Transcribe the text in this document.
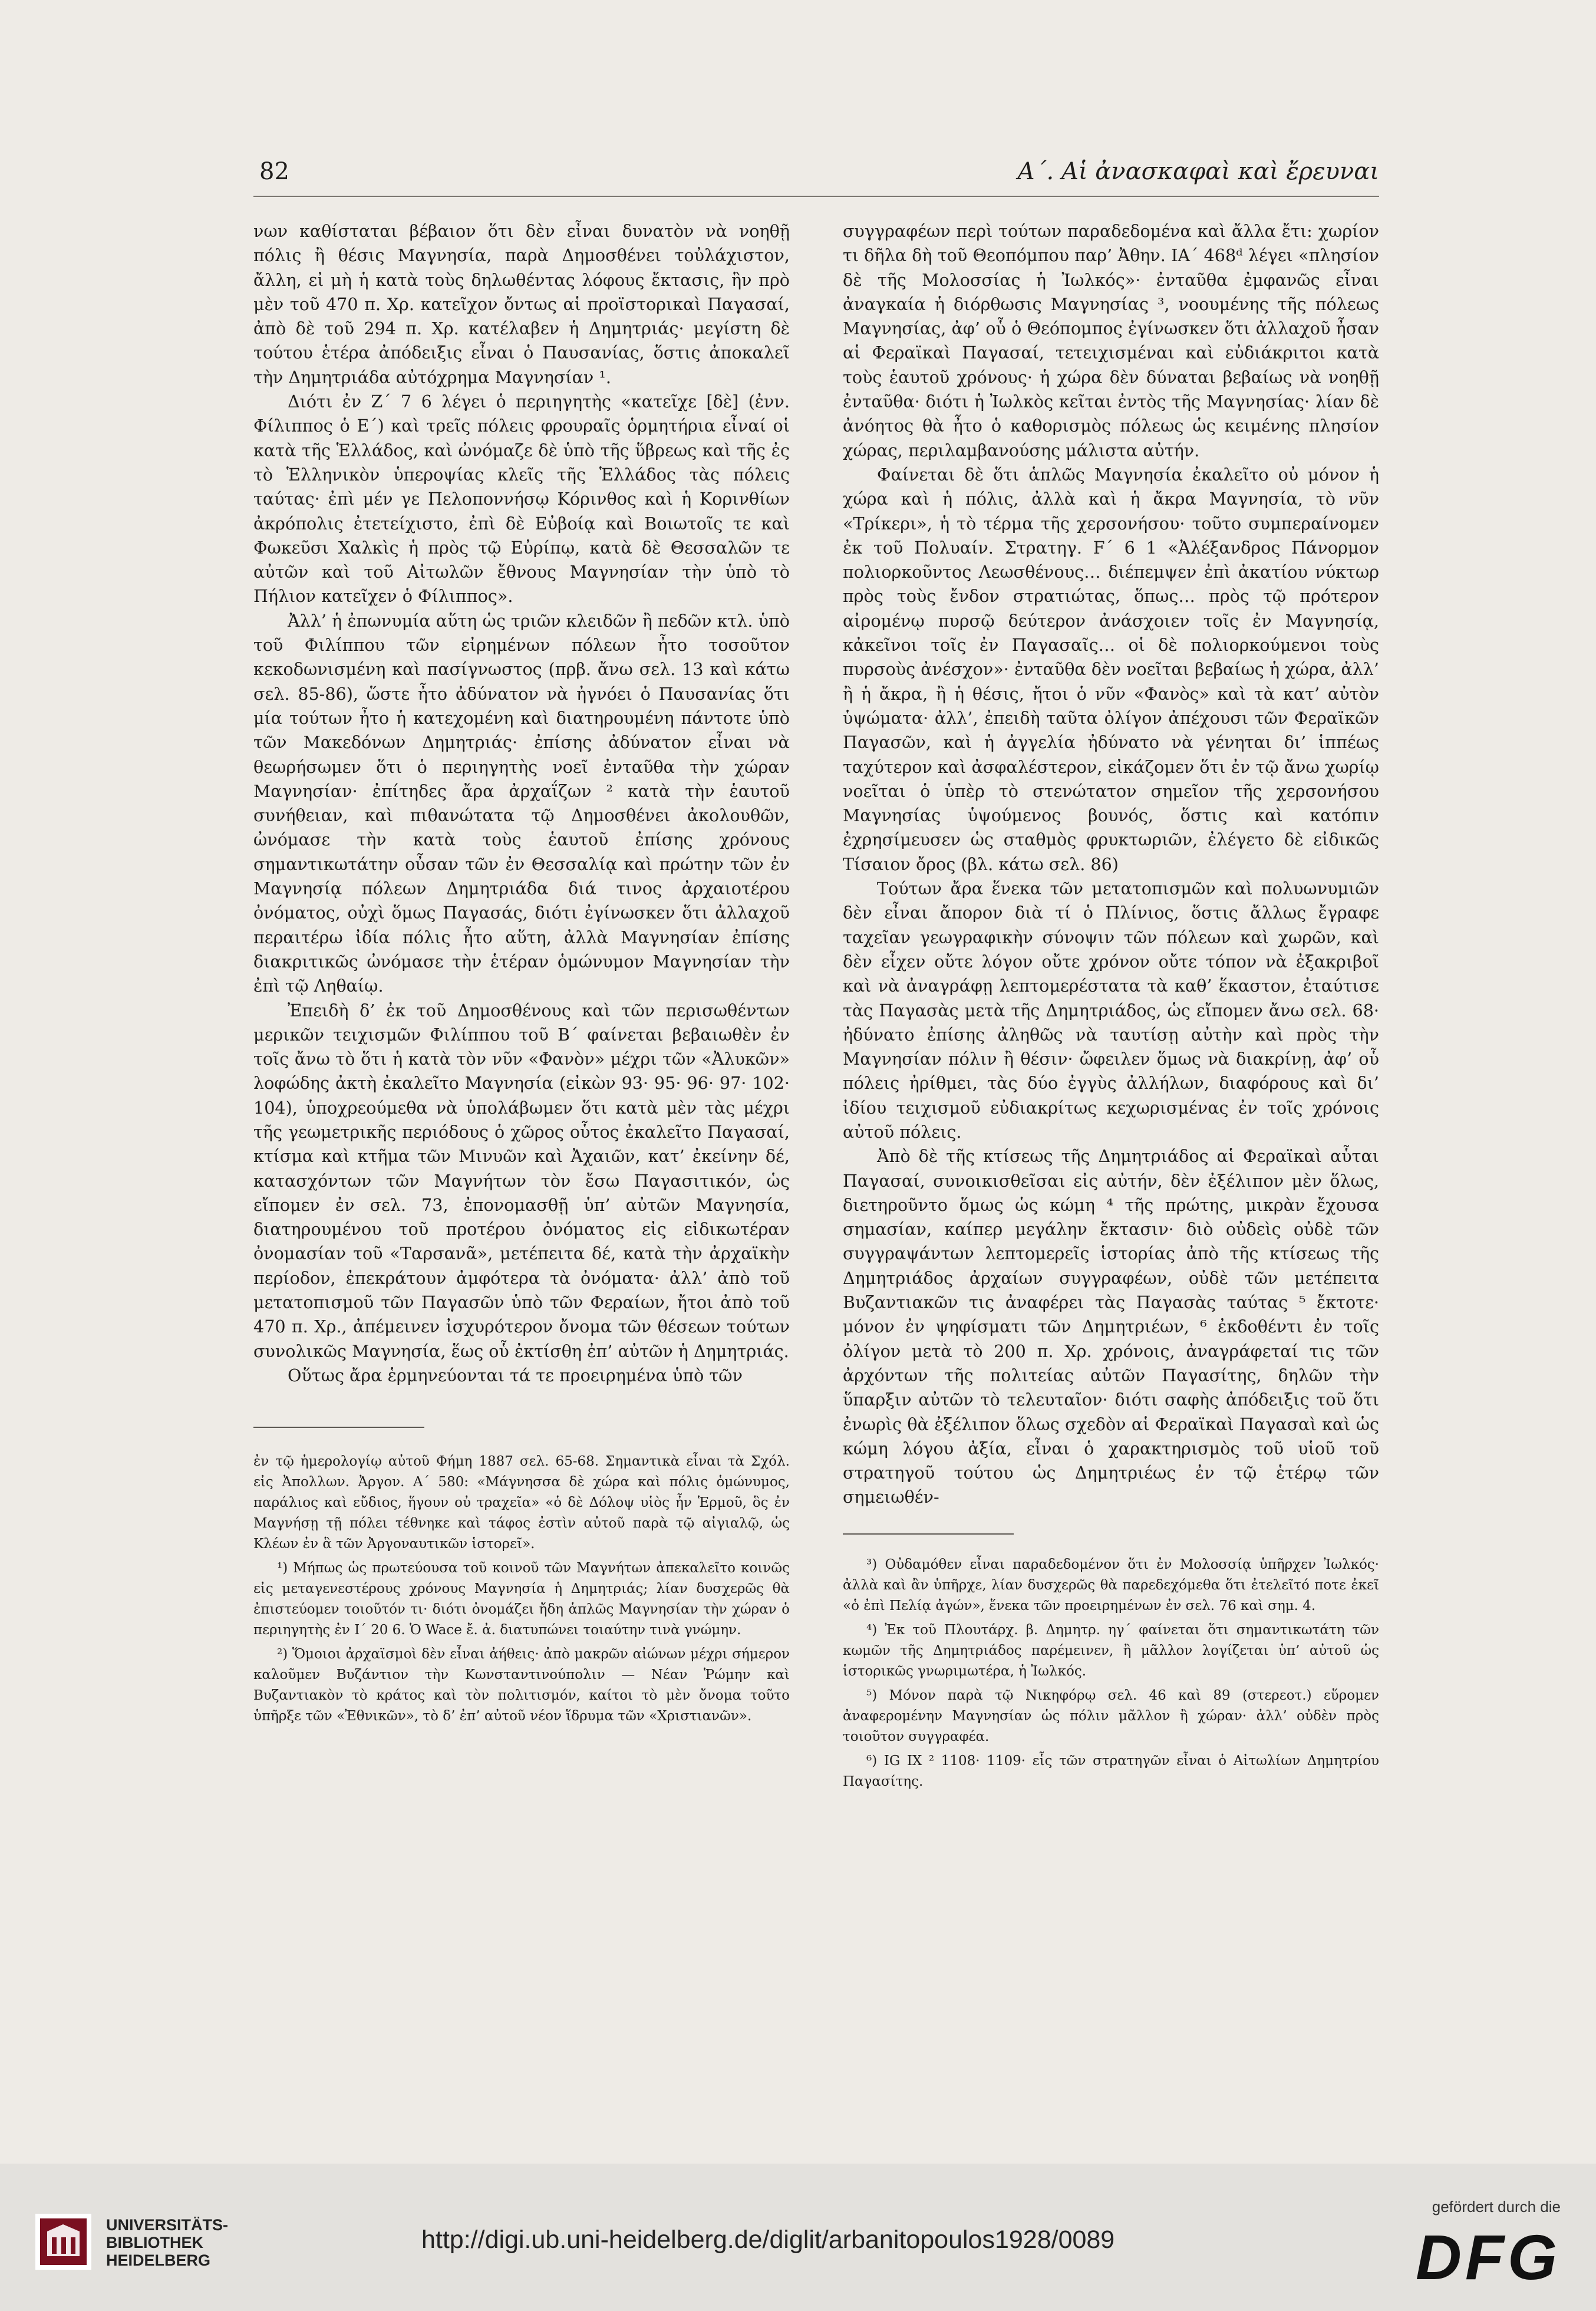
82	Α΄. Αἱ ἀνασκαφαὶ καὶ ἔρευναι

νων καθίσταται βέβαιον ὅτι δὲν εἶναι δυνατὸν νὰ νοηθῇ πόλις ἢ θέσις Μαγνησία, παρὰ Δημοσθένει τοὐλάχιστον, ἄλλη, εἰ μὴ ἡ κατὰ τοὺς δηλωθέντας λόφους ἔκτασις, ἣν πρὸ μὲν τοῦ 470 π. Χρ. κατεῖχον ὄντως αἱ προϊστορικαὶ Παγασαί, ἀπὸ δὲ τοῦ 294 π. Χρ. κατέλαβεν ἡ Δημητριάς· μεγίστη δὲ τούτου ἑτέρα ἀπόδειξις εἶναι ὁ Παυσανίας, ὅστις ἀποκαλεῖ τὴν Δημητριάδα αὐτόχρημα Μαγνησίαν ¹.

Διότι ἐν Ζ΄ 7 6 λέγει ὁ περιηγητὴς «κατεῖχε [δὲ] (ἐνν. Φίλιππος ὁ Ε΄) καὶ τρεῖς πόλεις φρουραῖς ὁρμητήρια εἶναί οἱ κατὰ τῆς Ἑλλάδος, καὶ ὠνόμαζε δὲ ὑπὸ τῆς ὕβρεως καὶ τῆς ἐς τὸ Ἑλληνικὸν ὑπεροψίας κλεῖς τῆς Ἑλλάδος τὰς πόλεις ταύτας· ἐπὶ μέν γε Πελοποννήσῳ Κόρινθος καὶ ἡ Κορινθίων ἀκρόπολις ἐτετείχιστο, ἐπὶ δὲ Εὐβοίᾳ καὶ Βοιωτοῖς τε καὶ Φωκεῦσι Χαλκὶς ἡ πρὸς τῷ Εὐρίπῳ, κατὰ δὲ Θεσσαλῶν τε αὐτῶν καὶ τοῦ Αἰτωλῶν ἔθνους Μαγνησίαν τὴν ὑπὸ τὸ Πήλιον κατεῖχεν ὁ Φίλιππος».

Ἀλλ’ ἡ ἐπωνυμία αὕτη ὡς τριῶν κλειδῶν ἢ πεδῶν κτλ. ὑπὸ τοῦ Φιλίππου τῶν εἰρημένων πόλεων ἦτο τοσοῦτον κεκοδωνισμένη καὶ πασίγνωστος (πρβ. ἄνω σελ. 13 καὶ κάτω σελ. 85-86), ὥστε ἦτο ἀδύνατον νὰ ἠγνόει ὁ Παυσανίας ὅτι μία τούτων ἦτο ἡ κατεχομένη καὶ διατηρουμένη πάντοτε ὑπὸ τῶν Μακεδόνων Δημητριάς· ἐπίσης ἀδύνατον εἶναι νὰ θεωρήσωμεν ὅτι ὁ περιηγητὴς νοεῖ ἐνταῦθα τὴν χώραν Μαγνησίαν· ἐπίτηδες ἄρα ἀρχαΐζων ² κατὰ τὴν ἑαυτοῦ συνήθειαν, καὶ πιθανώτατα τῷ Δημοσθένει ἀκολουθῶν, ὠνόμασε τὴν κατὰ τοὺς ἑαυτοῦ ἐπίσης χρόνους σημαντικωτάτην οὖσαν τῶν ἐν Θεσσαλίᾳ καὶ πρώτην τῶν ἐν Μαγνησίᾳ πόλεων Δημητριάδα διά τινος ἀρχαιοτέρου ὀνόματος, οὐχὶ ὅμως Παγασάς, διότι ἐγίνωσκεν ὅτι ἀλλαχοῦ περαιτέρω ἰδία πόλις ἦτο αὕτη, ἀλλὰ Μαγνησίαν ἐπίσης διακριτικῶς ὠνόμασε τὴν ἑτέραν ὁμώνυμον Μαγνησίαν τὴν ἐπὶ τῷ Ληθαίῳ.

Ἐπειδὴ δ’ ἐκ τοῦ Δημοσθένους καὶ τῶν περισωθέντων μερικῶν τειχισμῶν Φιλίππου τοῦ Β΄ φαίνεται βεβαιωθὲν ἐν τοῖς ἄνω τὸ ὅτι ἡ κατὰ τὸν νῦν «Φανὸν» μέχρι τῶν «Ἀλυκῶν» λοφώδης ἀκτὴ ἐκαλεῖτο Μαγνησία (εἰκὼν 93· 95· 96· 97· 102· 104), ὑποχρεούμεθα νὰ ὑπολάβωμεν ὅτι κατὰ μὲν τὰς μέχρι τῆς γεωμετρικῆς περιόδους ὁ χῶρος οὗτος ἐκαλεῖτο Παγασαί, κτίσμα καὶ κτῆμα τῶν Μινυῶν καὶ Ἀχαιῶν, κατ’ ἐκείνην δέ, κατασχόντων τῶν Μαγνήτων τὸν ἔσω Παγασιτικόν, ὡς εἴπομεν ἐν σελ. 73, ἐπονομασθῇ ὑπ’ αὐτῶν Μαγνησία, διατηρουμένου τοῦ προτέρου ὀνόματος εἰς εἰδικωτέραν ὀνομασίαν τοῦ «Ταρσανᾶ», μετέπειτα δέ, κατὰ τὴν ἀρχαϊκὴν περίοδον, ἐπεκράτουν ἀμφότερα τὰ ὀνόματα· ἀλλ’ ἀπὸ τοῦ μετατοπισμοῦ τῶν Παγασῶν ὑπὸ τῶν Φεραίων, ἤτοι ἀπὸ τοῦ 470 π. Χρ., ἀπέμεινεν ἰσχυρότερον ὄνομα τῶν θέσεων τούτων συνολικῶς Μαγνησία, ἕως οὗ ἐκτίσθη ἐπ’ αὐτῶν ἡ Δημητριάς.

Οὕτως ἄρα ἑρμηνεύονται τά τε προειρημένα ὑπὸ τῶν

ἐν τῷ ἡμερολογίῳ αὐτοῦ Φήμη 1887 σελ. 65-68. Σημαντικὰ εἶναι τὰ Σχόλ. εἰς Ἀπολλων. Ἀργον. Α΄ 580: «Μάγνησσα δὲ χώρα καὶ πόλις ὁμώνυμος, παράλιος καὶ εὔδιος, ἥγουν οὐ τραχεῖα» «ὁ δὲ Δόλοψ υἱὸς ἦν Ἑρμοῦ, ὃς ἐν Μαγνήσῃ τῇ πόλει τέθνηκε καὶ τάφος ἐστὶν αὐτοῦ παρὰ τῷ αἰγιαλῷ, ὡς Κλέων ἐν ἃ τῶν Ἀργοναυτικῶν ἱστορεῖ».

¹) Μήπως ὡς πρωτεύουσα τοῦ κοινοῦ τῶν Μαγνήτων ἀπεκαλεῖτο κοινῶς εἰς μεταγενεστέρους χρόνους Μαγνησία ἡ Δημητριάς; λίαν δυσχερῶς θὰ ἐπιστεύομεν τοιοῦτόν τι· διότι ὀνομάζει ἤδη ἁπλῶς Μαγνησίαν τὴν χώραν ὁ περιηγητὴς ἐν Ι΄ 20 6. Ὁ Wace ἔ. ἀ. διατυπώνει τοιαύτην τινὰ γνώμην.

²) Ὅμοιοι ἀρχαϊσμοὶ δὲν εἶναι ἀήθεις· ἀπὸ μακρῶν αἰώνων μέχρι σήμερον καλοῦμεν Βυζάντιον τὴν Κωνσταντινούπολιν — Νέαν Ῥώμην καὶ Βυζαντιακὸν τὸ κράτος καὶ τὸν πολιτισμόν, καίτοι τὸ μὲν ὄνομα τοῦτο ὑπῆρξε τῶν «Ἐθνικῶν», τὸ δ’ ἐπ’ αὐτοῦ νέον ἵδρυμα τῶν «Χριστιανῶν».

συγγραφέων περὶ τούτων παραδεδομένα καὶ ἄλλα ἔτι: χωρίον τι δῆλα δὴ τοῦ Θεοπόμπου παρ’ Ἀθην. ΙΑ΄ 468ᵈ λέγει «πλησίον δὲ τῆς Μολοσσίας ἡ Ἰωλκός»· ἐνταῦθα ἐμφανῶς εἶναι ἀναγκαία ἡ διόρθωσις Μαγνησίας ³, νοουμένης τῆς πόλεως Μαγνησίας, ἀφ’ οὗ ὁ Θεόπομπος ἐγίνωσκεν ὅτι ἀλλαχοῦ ἦσαν αἱ Φεραϊκαὶ Παγασαί, τετειχισμέναι καὶ εὐδιάκριτοι κατὰ τοὺς ἑαυτοῦ χρόνους· ἡ χώρα δὲν δύναται βεβαίως νὰ νοηθῇ ἐνταῦθα· διότι ἡ Ἰωλκὸς κεῖται ἐντὸς τῆς Μαγνησίας· λίαν δὲ ἀνόητος θὰ ἦτο ὁ καθορισμὸς πόλεως ὡς κειμένης πλησίον χώρας, περιλαμβανούσης μάλιστα αὐτήν.

Φαίνεται δὲ ὅτι ἁπλῶς Μαγνησία ἐκαλεῖτο οὐ μόνον ἡ χώρα καὶ ἡ πόλις, ἀλλὰ καὶ ἡ ἄκρα Μαγνησία, τὸ νῦν «Τρίκερι», ἡ τὸ τέρμα τῆς χερσονήσου· τοῦτο συμπεραίνομεν ἐκ τοῦ Πολυαίν. Στρατηγ. F΄ 6 1 «Ἀλέξανδρος Πάνορμον πολιορκοῦντος Λεωσθένους… διέπεμψεν ἐπὶ ἀκατίου νύκτωρ πρὸς τοὺς ἔνδον στρατιώτας, ὅπως… πρὸς τῷ πρότερον αἰρομένῳ πυρσῷ δεύτερον ἀνάσχοιεν τοῖς ἐν Μαγνησίᾳ, κἀκεῖνοι τοῖς ἐν Παγασαῖς… οἱ δὲ πολιορκούμενοι τοὺς πυρσοὺς ἀνέσχον»· ἐνταῦθα δὲν νοεῖται βεβαίως ἡ χώρα, ἀλλ’ ἢ ἡ ἄκρα, ἢ ἡ θέσις, ἤτοι ὁ νῦν «Φανὸς» καὶ τὰ κατ’ αὐτὸν ὑψώματα· ἀλλ’, ἐπειδὴ ταῦτα ὀλίγον ἀπέχουσι τῶν Φεραϊκῶν Παγασῶν, καὶ ἡ ἀγγελία ἠδύνατο νὰ γένηται δι’ ἱππέως ταχύτερον καὶ ἀσφαλέστερον, εἰκάζομεν ὅτι ἐν τῷ ἄνω χωρίῳ νοεῖται ὁ ὑπὲρ τὸ στενώτατον σημεῖον τῆς χερσονήσου Μαγνησίας ὑψούμενος βουνός, ὅστις καὶ κατόπιν ἐχρησίμευσεν ὡς σταθμὸς φρυκτωριῶν, ἐλέγετο δὲ εἰδικῶς Τίσαιον ὄρος (βλ. κάτω σελ. 86)

Τούτων ἄρα ἕνεκα τῶν μετατοπισμῶν καὶ πολυωνυμιῶν δὲν εἶναι ἄπορον διὰ τί ὁ Πλίνιος, ὅστις ἄλλως ἔγραφε ταχεῖαν γεωγραφικὴν σύνοψιν τῶν πόλεων καὶ χωρῶν, καὶ δὲν εἶχεν οὔτε λόγον οὔτε χρόνον οὔτε τόπον νὰ ἐξακριβοῖ καὶ νὰ ἀναγράφῃ λεπτομερέστατα τὰ καθ’ ἕκαστον, ἐταύτισε τὰς Παγασὰς μετὰ τῆς Δημητριάδος, ὡς εἴπομεν ἄνω σελ. 68· ἠδύνατο ἐπίσης ἀληθῶς νὰ ταυτίσῃ αὐτὴν καὶ πρὸς τὴν Μαγνησίαν πόλιν ἢ θέσιν· ὤφειλεν ὅμως νὰ διακρίνῃ, ἀφ’ οὗ πόλεις ἠρίθμει, τὰς δύο ἐγγὺς ἀλλήλων, διαφόρους καὶ δι’ ἰδίου τειχισμοῦ εὐδιακρίτως κεχωρισμένας ἐν τοῖς χρόνοις αὐτοῦ πόλεις.

Ἀπὸ δὲ τῆς κτίσεως τῆς Δημητριάδος αἱ Φεραϊκαὶ αὗται Παγασαί, συνοικισθεῖσαι εἰς αὐτήν, δὲν ἐξέλιπον μὲν ὅλως, διετηροῦντο ὅμως ὡς κώμη ⁴ τῆς πρώτης, μικρὰν ἔχουσα σημασίαν, καίπερ μεγάλην ἔκτασιν· διὸ οὐδεὶς οὐδὲ τῶν συγγραψάντων λεπτομερεῖς ἱστορίας ἀπὸ τῆς κτίσεως τῆς Δημητριάδος ἀρχαίων συγγραφέων, οὐδὲ τῶν μετέπειτα Βυζαντιακῶν τις ἀναφέρει τὰς Παγασὰς ταύτας ⁵ ἔκτοτε· μόνον ἐν ψηφίσματι τῶν Δημητριέων, ⁶ ἐκδοθέντι ἐν τοῖς ὀλίγον μετὰ τὸ 200 π. Χρ. χρόνοις, ἀναγράφεταί τις τῶν ἀρχόντων τῆς πολιτείας αὐτῶν Παγασίτης, δηλῶν τὴν ὕπαρξιν αὐτῶν τὸ τελευταῖον· διότι σαφὴς ἀπόδειξις τοῦ ὅτι ἐνωρὶς θὰ ἐξέλιπον ὅλως σχεδὸν αἱ Φεραϊκαὶ Παγασαὶ καὶ ὡς κώμη λόγου ἀξία, εἶναι ὁ χαρακτηρισμὸς τοῦ υἱοῦ τοῦ στρατηγοῦ τούτου ὡς Δημητριέως ἐν τῷ ἑτέρῳ τῶν σημειωθέν-

³) Οὐδαμόθεν εἶναι παραδεδομένον ὅτι ἐν Μολοσσίᾳ ὑπῆρχεν Ἰωλκός· ἀλλὰ καὶ ἂν ὑπῆρχε, λίαν δυσχερῶς θὰ παρεδεχόμεθα ὅτι ἐτελεῖτό ποτε ἐκεῖ «ὁ ἐπὶ Πελίᾳ ἀγών», ἕνεκα τῶν προειρημένων ἐν σελ. 76 καὶ σημ. 4.

⁴) Ἐκ τοῦ Πλουτάρχ. β. Δημητρ. ηγ΄ φαίνεται ὅτι σημαντικωτάτη τῶν κωμῶν τῆς Δημητριάδος παρέμεινεν, ἢ μᾶλλον λογίζεται ὑπ’ αὐτοῦ ὡς ἱστορικῶς γνωριμωτέρα, ἡ Ἰωλκός.

⁵) Μόνον παρὰ τῷ Νικηφόρῳ σελ. 46 καὶ 89 (στερεοτ.) εὕρομεν ἀναφερομένην Μαγνησίαν ὡς πόλιν μᾶλλον ἢ χώραν· ἀλλ’ οὐδὲν πρὸς τοιοῦτον συγγραφέα.

⁶) IG IX ² 1108· 1109· εἷς τῶν στρατηγῶν εἶναι ὁ Αἰτωλίων Δημητρίου Παγασίτης.

UNIVERSITÄTS-
BIBLIOTHEK
HEIDELBERG
http://digi.ub.uni-heidelberg.de/diglit/arbanitopoulos1928/0089
gefördert durch die
DFG
